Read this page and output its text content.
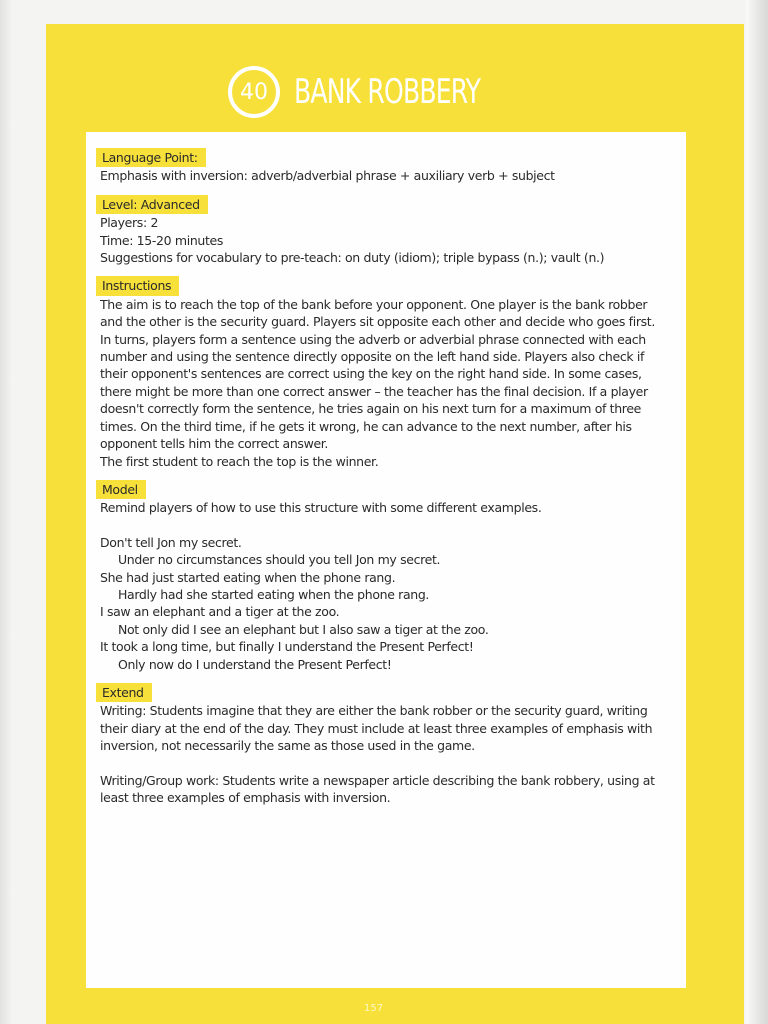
40 BANK ROBBERY
Language Point:

Emphasis with inversion: adverb/adverbial phrase + auxiliary verb + subject

Level: Advanced

Players: 2

Time: 15-20 minutes

Suggestions for vocabulary to pre-teach: on duty (idiom); triple bypass (n.); vault (n.)

Instructions

The aim is to reach the top of the bank before your opponent. One player is the bank robber and the other is the security guard. Players sit opposite each other and decide who goes first.

In turns, players form a sentence using the adverb or adverbial phrase connected with each number and using the sentence directly opposite on the left hand side. Players also check if their opponent's sentences are correct using the key on the right hand side. In some cases, there might be more than one correct answer – the teacher has the final decision. If a player doesn't correctly form the sentence, he tries again on his next turn for a maximum of three times. On the third time, if he gets it wrong, he can advance to the next number, after his opponent tells him the correct answer.

The first student to reach the top is the winner.

Model

Remind players of how to use this structure with some different examples.

Don't tell Jon my secret.

Under no circumstances should you tell Jon my secret.

She had just started eating when the phone rang.

Hardly had she started eating when the phone rang.

I saw an elephant and a tiger at the zoo.

Not only did I see an elephant but I also saw a tiger at the zoo.

It took a long time, but finally I understand the Present Perfect!

Only now do I understand the Present Perfect!

Extend

Writing: Students imagine that they are either the bank robber or the security guard, writing their diary at the end of the day. They must include at least three examples of emphasis with inversion, not necessarily the same as those used in the game.

Writing/Group work: Students write a newspaper article describing the bank robbery, using at least three examples of emphasis with inversion.

157
